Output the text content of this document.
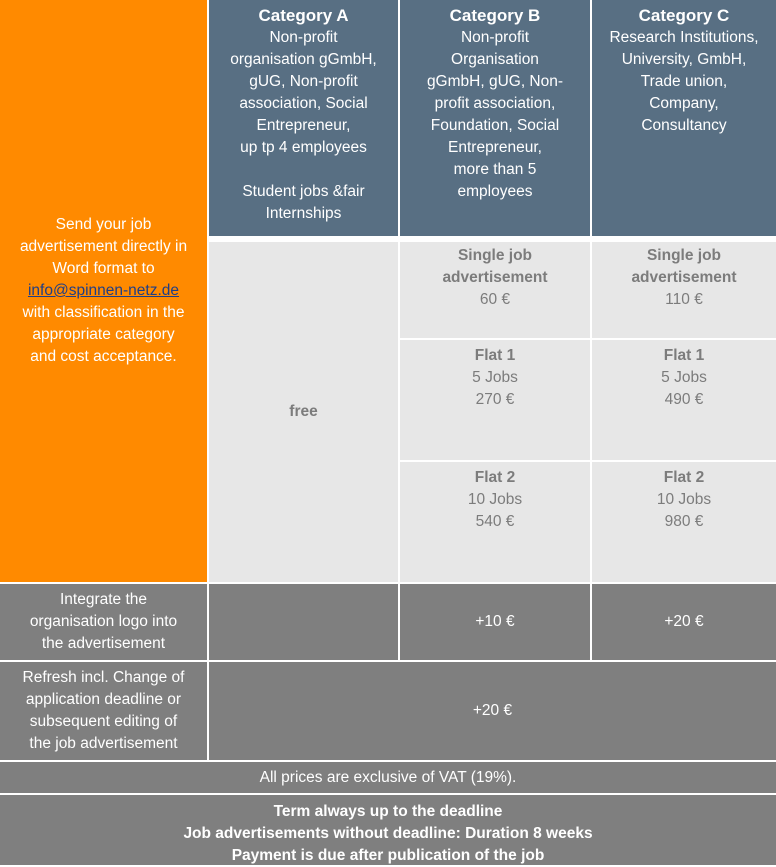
Send your job
advertisement directly in
Word format to
info@spinnen-netz.de
with classification in the
appropriate category
and cost acceptance.
Category A
Non-profit
organisation gGmbH,
gUG, Non-profit
association, Social
Entrepreneur,
up tp 4 employees
Student jobs &fair
Internships
Category B
Non-profit
Organisation
gGmbH, gUG, Non-
profit association,
Foundation, Social
Entrepreneur,
more than 5
employees
Category C
Research Institutions,
University, GmbH,
Trade union,
Company,
Consultancy
free
Single job
advertisement
60 €
Single job
advertisement
110 €
Flat 1
5 Jobs
270 €
Flat 1
5 Jobs
490 €
Flat 2
10 Jobs
540 €
Flat 2
10 Jobs
980 €
Integrate the
organisation logo into
the advertisement
+10 €	+20 €
Refresh incl. Change of
application deadline or
subsequent editing of
the job advertisement
+20 €
All prices are exclusive of VAT (19%).
Term always up to the deadline
Job advertisements without deadline: Duration 8 weeks
Payment is due after publication of the job
